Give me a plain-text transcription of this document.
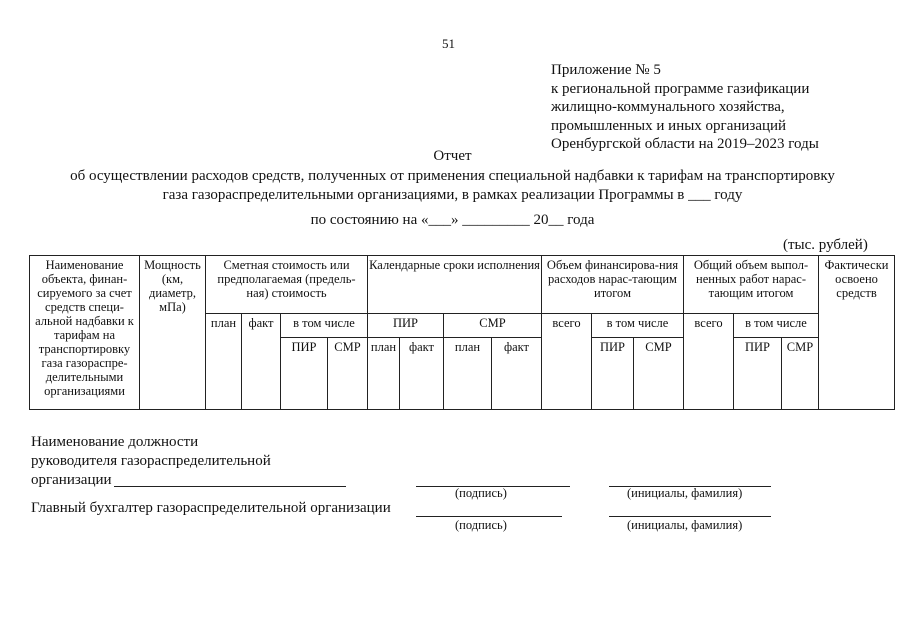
51
Приложение № 5
к региональной программе газификации
жилищно-коммунального хозяйства,
промышленных и иных организаций
Оренбургской области на 2019–2023 годы
Отчет
об осуществлении расходов средств, полученных от применения специальной надбавки к тарифам на транспортировку
газа газораспределительными организациями, в рамках реализации Программы в ___ году
по состоянию на «___» _________ 20__ года
(тыс. рублей)
Наименование объекта, финан-сируемого за счет средств специ-альной надбавки к тарифам на транспортировку газа газораспре-делительными организациями	Мощность (км, диаметр, мПа)	Сметная стоимость или предполагаемая (предель-ная) стоимость				Календарные сроки исполнения				Объем финансирова-ния расходов нарас-тающим итогом			Общий объем выпол-ненных работ нарас-тающим итогом			Фактически освоено средств
		план	факт	в том числе		ПИР		СМР		всего	в том числе		всего	в том числе		
				ПИР	СМР	план	факт	план	факт		ПИР	СМР		ПИР	СМР	
Наименование должности
руководителя газораспределительной
организации
(подпись)	(инициалы, фамилия)
Главный бухгалтер газораспределительной организации
(подпись)	(инициалы, фамилия)
